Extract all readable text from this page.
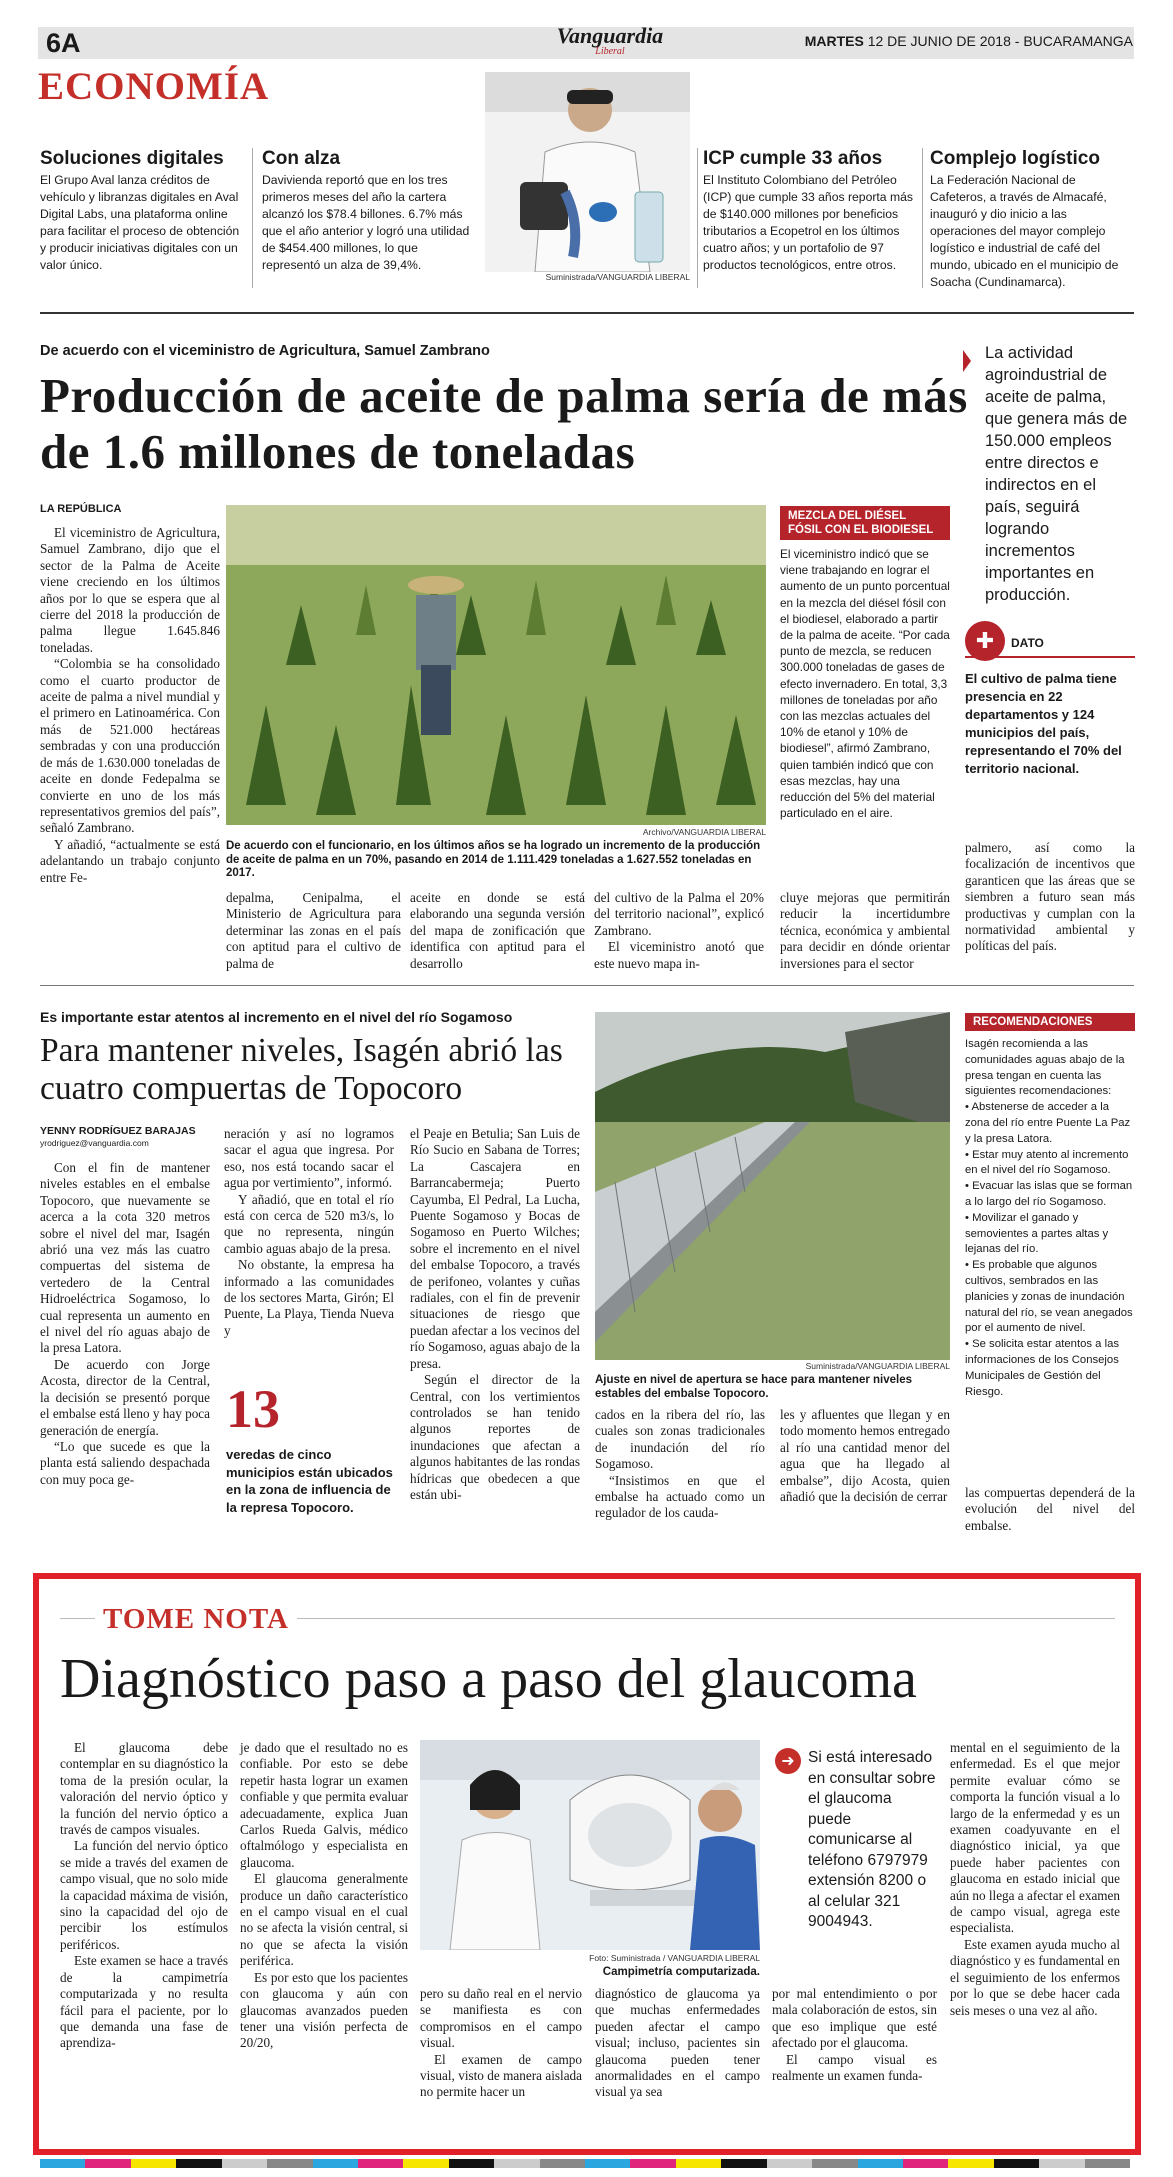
6A	Vanguardia
Liberal
MARTES 12 DE JUNIO DE 2018 - BUCARAMANGA
ECONOMÍA
Soluciones digitales
El Grupo Aval lanza créditos de vehículo y libranzas digitales en Aval Digital Labs, una plataforma online para facilitar el proceso de obtención y producir iniciativas digitales con un valor único.
Con alza
Davivienda reportó que en los tres primeros meses del año la cartera alcanzó los $78.4 billones. 6.7% más que el año anterior y logró una utilidad de $454.400 millones, lo que representó un alza de 39,4%.
Suministrada/VANGUARDIA LIBERAL
ICP cumple 33 años
El Instituto Colombiano del Petróleo (ICP) que cumple 33 años reporta más de $140.000 millones por beneficios tributarios a Ecopetrol en los últimos cuatro años; y un portafolio de 97 productos tecnológicos, entre otros.
Complejo logístico
La Federación Nacional de Cafeteros, a través de Almacafé, inauguró y dio inicio a las operaciones del mayor complejo logístico e industrial de café del mundo, ubicado en el municipio de Soacha (Cundinamarca).
De acuerdo con el viceministro de Agricultura, Samuel Zambrano
Producción de aceite de palma sería de más de 1.6 millones de toneladas
LA REPÚBLICA

El viceministro de Agricultura, Samuel Zambrano, dijo que el sector de la Palma de Aceite viene creciendo en los últimos años por lo que se espera que al cierre del 2018 la producción de palma llegue 1.645.846 toneladas.

“Colombia se ha consolidado como el cuarto productor de aceite de palma a nivel mundial y el primero en Latinoamérica. Con más de 521.000 hectáreas sembradas y con una producción de más de 1.630.000 toneladas de aceite en donde Fedepalma se convierte en uno de los más representativos gremios del país”, señaló Zambrano.

Y añadió, “actualmente se está adelantando un trabajo conjunto entre Fe-

Archivo/VANGUARDIA LIBERAL
De acuerdo con el funcionario, en los últimos años se ha logrado un incremento de la producción de aceite de palma en un 70%, pasando en 2014 de 1.111.429 toneladas a 1.627.552 toneladas en 2017.

depalma, Cenipalma, el Ministerio de Agricultura para determinar las zonas en el país con aptitud para el cultivo de palma de

aceite en donde se está elaborando una segunda versión del mapa de zonificación que identifica con aptitud para el desarrollo

del cultivo de la Palma el 20% del territorio nacional”, explicó Zambrano.

El viceministro anotó que este nuevo mapa in-

MEZCLA DEL DIÉSEL FÓSIL CON EL BIODIESEL
El viceministro indicó que se viene trabajando en lograr el aumento de un punto porcentual en la mezcla del diésel fósil con el biodiesel, elaborado a partir de la palma de aceite. “Por cada punto de mezcla, se reducen 300.000 toneladas de gases de efecto invernadero. En total, 3,3 millones de toneladas por año con las mezclas actuales del 10% de etanol y 10% de biodiesel”, afirmó Zambrano, quien también indicó que con esas mezclas, hay una reducción del 5% del material particulado en el aire.

cluye mejoras que permitirán reducir la incertidumbre técnica, económica y ambiental para decidir en dónde orientar inversiones para el sector

La actividad agroindustrial de aceite de palma, que genera más de 150.000 empleos entre directos e indirectos en el país, seguirá logrando incrementos importantes en producción.
✚	DATO
El cultivo de palma tiene presencia en 22 departamentos y 124 municipios del país, representando el 70% del territorio nacional.

palmero, así como la focalización de incentivos que garanticen que las áreas que se siembren a futuro sean más productivas y cumplan con la normatividad ambiental y políticas del país.

Es importante estar atentos al incremento en el nivel del río Sogamoso
Para mantener niveles, Isagén abrió las cuatro compuertas de Topocoro
YENNY RODRÍGUEZ BARAJAS
yrodriguez@vanguardia.com

Con el fin de mantener niveles estables en el embalse Topocoro, que nuevamente se acerca a la cota 320 metros sobre el nivel del mar, Isagén abrió una vez más las cuatro compuertas del sistema de vertedero de la Central Hidroeléctrica Sogamoso, lo cual representa un aumento en el nivel del río aguas abajo de la presa Latora.

De acuerdo con Jorge Acosta, director de la Central, la decisión se presentó porque el embalse está lleno y hay poca generación de energía.

“Lo que sucede es que la planta está saliendo despachada con muy poca ge-

neración y así no logramos sacar el agua que ingresa. Por eso, nos está tocando sacar el agua por vertimiento”, informó.

Y añadió, que en total el río está con cerca de 520 m3/s, lo que no representa, ningún cambio aguas abajo de la presa.

No obstante, la empresa ha informado a las comunidades de los sectores Marta, Girón; El Puente, La Playa, Tienda Nueva y

13
veredas de cinco municipios están ubicados en la zona de influencia de la represa Topocoro.

el Peaje en Betulia; San Luis de Río Sucio en Sabana de Torres; La Cascajera en Barrancabermeja; Puerto Cayumba, El Pedral, La Lucha, Puente Sogamoso y Bocas de Sogamoso en Puerto Wilches; sobre el incremento en el nivel del embalse Topocoro, a través de perifoneo, volantes y cuñas radiales, con el fin de prevenir situaciones de riesgo que puedan afectar a los vecinos del río Sogamoso, aguas abajo de la presa.

Según el director de la Central, con los vertimientos controlados se han tenido algunos reportes de inundaciones que afectan a algunos habitantes de las rondas hídricas que obedecen a que están ubi-

Suministrada/VANGUARDIA LIBERAL
Ajuste en nivel de apertura se hace para mantener niveles estables del embalse Topocoro.

cados en la ribera del río, las cuales son zonas tradicionales de inundación del río Sogamoso.

“Insistimos en que el embalse ha actuado como un regulador de los cauda-

les y afluentes que llegan y en todo momento hemos entregado al río una cantidad menor del agua que ha llegado al embalse”, dijo Acosta, quien añadió que la decisión de cerrar

RECOMENDACIONES
Isagén recomienda a las comunidades aguas abajo de la presa tengan en cuenta las siguientes recomendaciones:
• Abstenerse de acceder a la zona del río entre Puente La Paz y la presa Latora.
• Estar muy atento al incremento en el nivel del río Sogamoso.
• Evacuar las islas que se forman a lo largo del río Sogamoso.
• Movilizar el ganado y semovientes a partes altas y lejanas del río.
• Es probable que algunos cultivos, sembrados en las planicies y zonas de inundación natural del río, se vean anegados por el aumento de nivel.
• Se solicita estar atentos a las informaciones de los Consejos Municipales de Gestión del Riesgo.

las compuertas dependerá de la evolución del nivel del embalse.

TOME NOTA
Diagnóstico paso a paso del glaucoma

El glaucoma debe contemplar en su diagnóstico la toma de la presión ocular, la valoración del nervio óptico y la función del nervio óptico a través de campos visuales.

La función del nervio óptico se mide a través del examen de campo visual, que no solo mide la capacidad máxima de visión, sino la capacidad del ojo de percibir los estímulos periféricos.

Este examen se hace a través de la campimetría computarizada y no resulta fácil para el paciente, por lo que demanda una fase de aprendiza-

je dado que el resultado no es confiable. Por esto se debe repetir hasta lograr un examen confiable y que permita evaluar adecuadamente, explica Juan Carlos Rueda Galvis, médico oftalmólogo y especialista en glaucoma.

El glaucoma generalmente produce un daño característico en el campo visual en el cual no se afecta la visión central, si no que se afecta la visión periférica.

Es por esto que los pacientes con glaucoma y aún con glaucomas avanzados pueden tener una visión perfecta de 20/20,

Foto: Suministrada / VANGUARDIA LIBERAL
Campimetría computarizada.

pero su daño real en el nervio se manifiesta es con compromisos en el campo visual.

El examen de campo visual, visto de manera aislada no permite hacer un

diagnóstico de glaucoma ya que muchas enfermedades pueden afectar el campo visual; incluso, pacientes sin glaucoma pueden tener anormalidades en el campo visual ya sea

➜ Si está interesado en consultar sobre el glaucoma puede comunicarse al teléfono 6797979 extensión 8200 o al celular 321 9004943.

por mal entendimiento o por mala colaboración de estos, sin que eso implique que esté afectado por el glaucoma.

El campo visual es realmente un examen funda-

mental en el seguimiento de la enfermedad. Es el que mejor permite evaluar cómo se comporta la función visual a lo largo de la enfermedad y es un examen coadyuvante en el diagnóstico inicial, ya que puede haber pacientes con glaucoma en estado inicial que aún no llega a afectar el examen de campo visual, agrega este especialista.

Este examen ayuda mucho al diagnóstico y es fundamental en el seguimiento de los enfermos por lo que se debe hacer cada seis meses o una vez al año.
